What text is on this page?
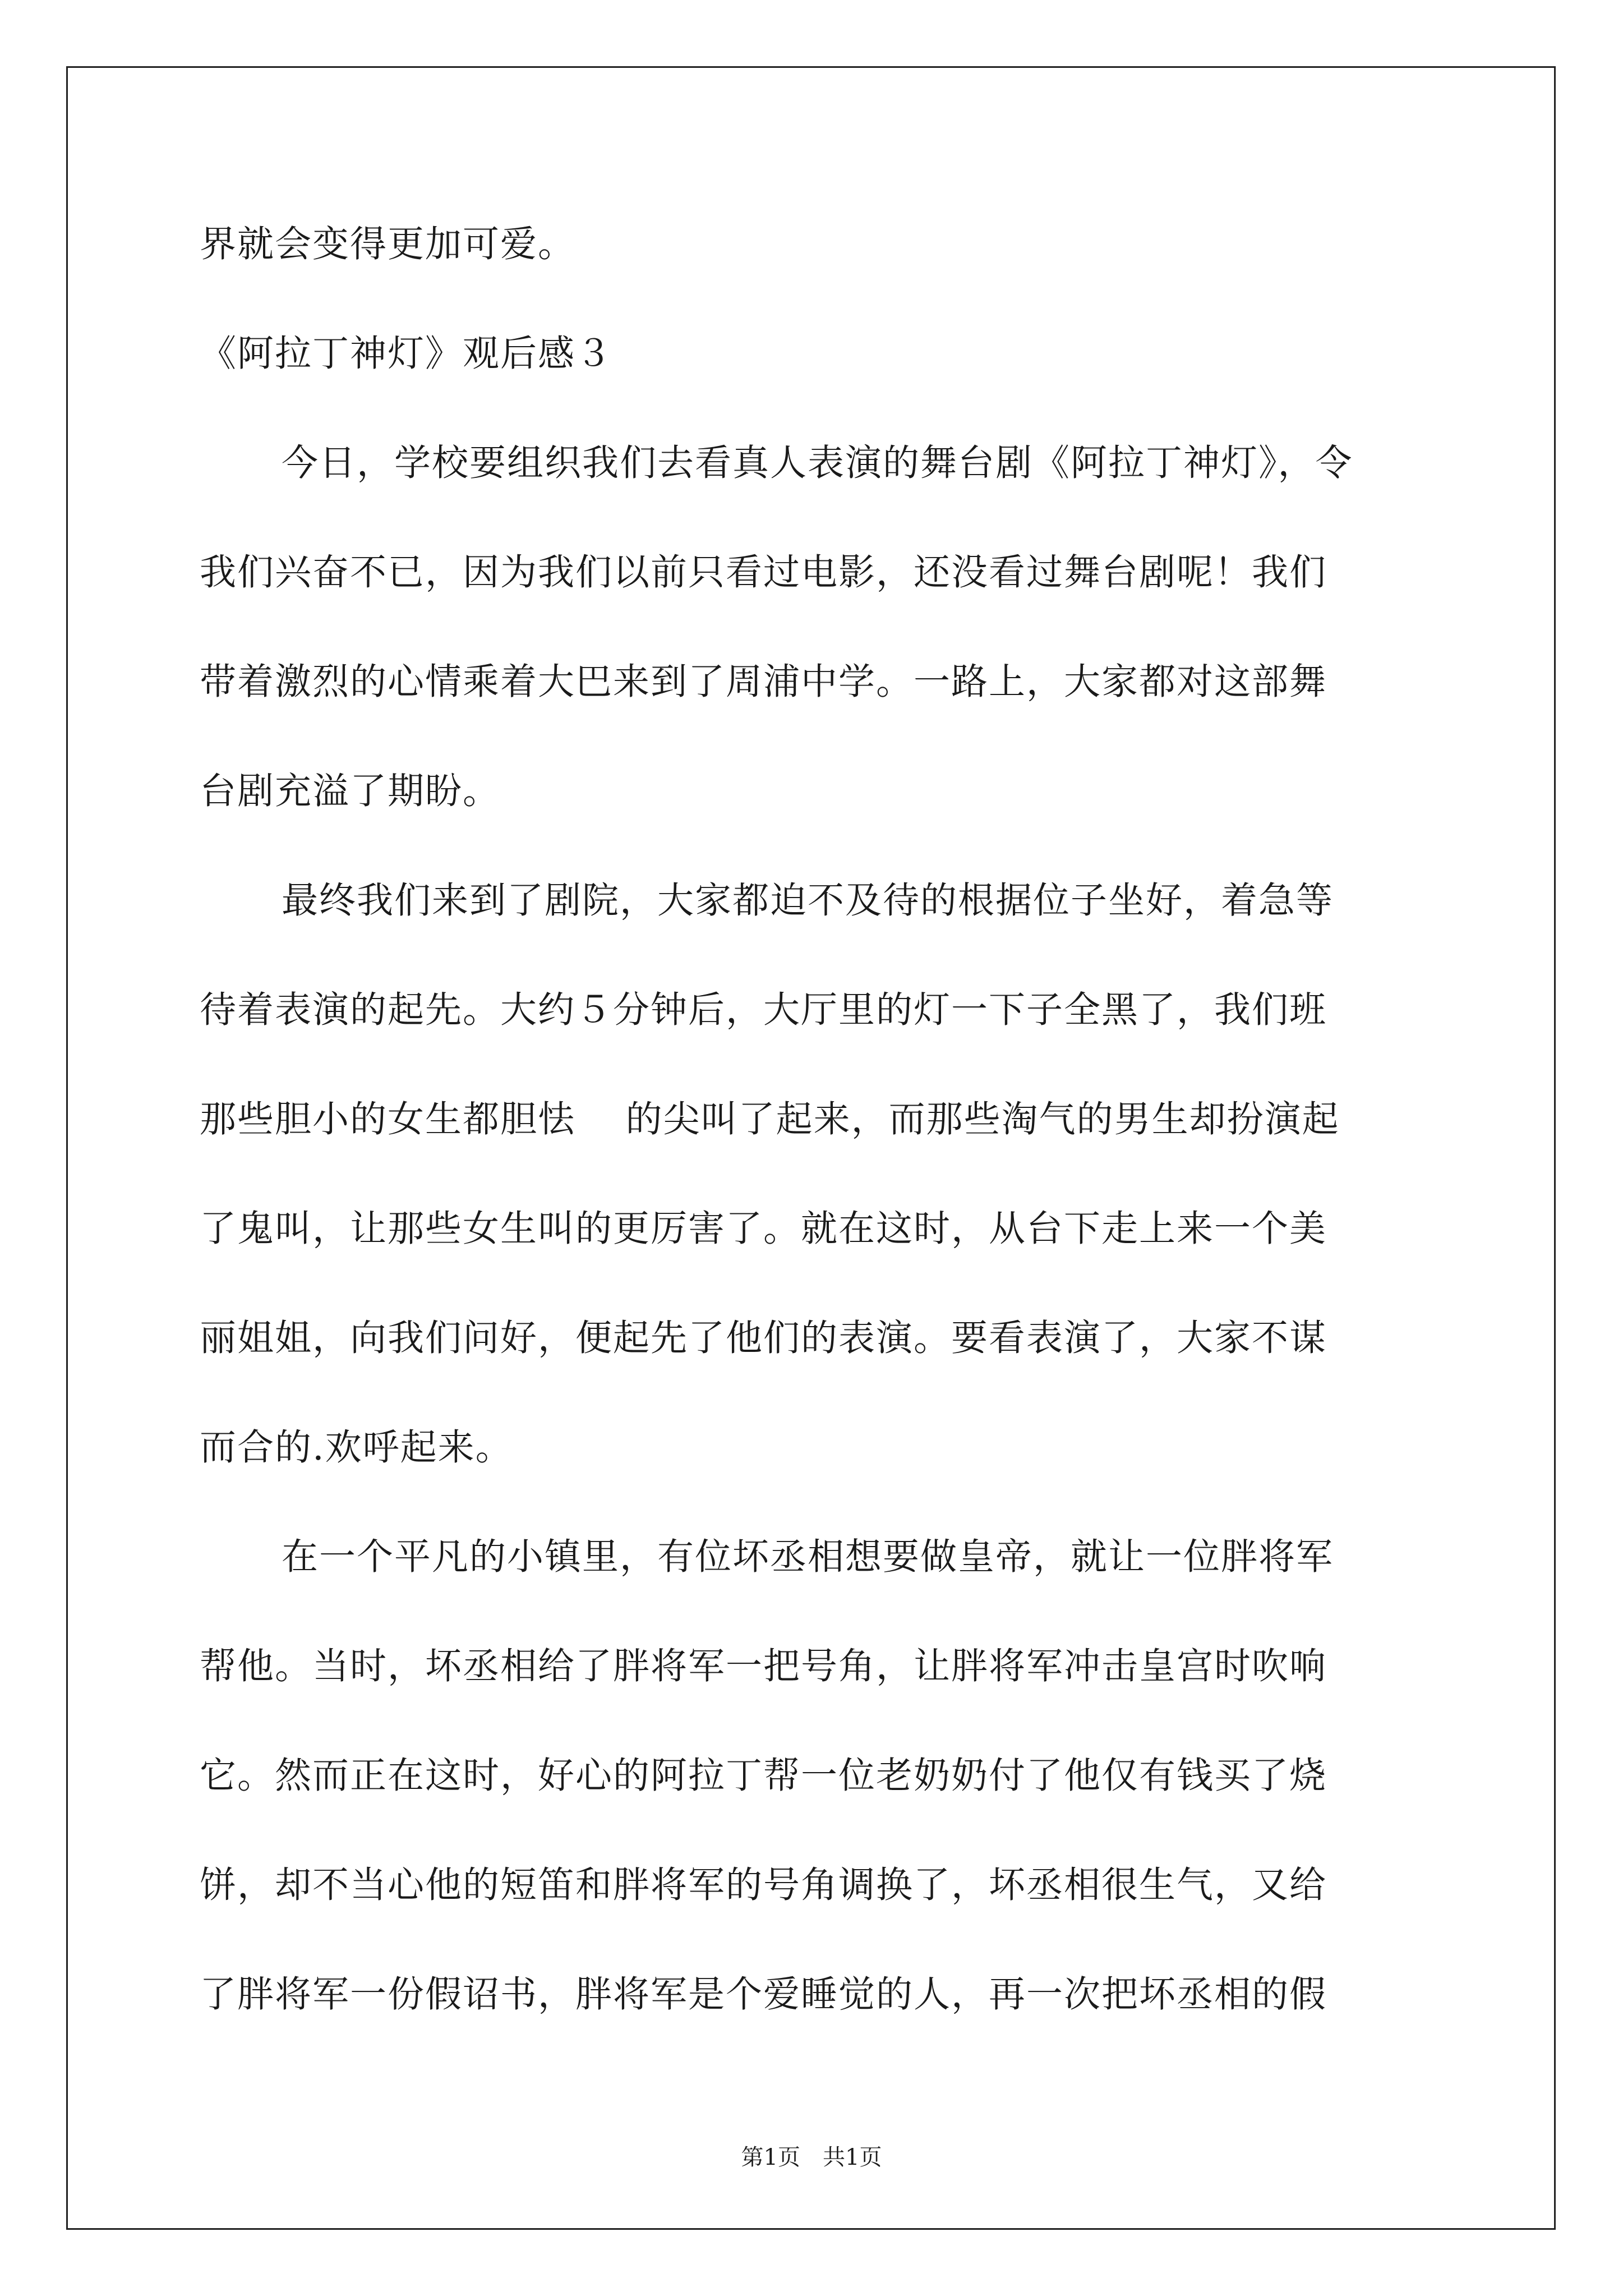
界就会变得更加可爱。

《阿拉丁神灯》观后感３

今日，学校要组织我们去看真人表演的舞台剧《阿拉丁神灯》，令

我们兴奋不已，因为我们以前只看过电影，还没看过舞台剧呢！我们

带着激烈的心情乘着大巴来到了周浦中学。一路上，大家都对这部舞

台剧充溢了期盼。

最终我们来到了剧院，大家都迫不及待的根据位子坐好，着急等

待着表演的起先。大约５分钟后，大厅里的灯一下子全黑了，我们班

那些胆小的女生都胆怯　 的尖叫了起来，而那些淘气的男生却扮演起

了鬼叫，让那些女生叫的更厉害了。就在这时，从台下走上来一个美

丽姐姐，向我们问好，便起先了他们的表演。要看表演了，大家不谋

而合的.欢呼起来。

在一个平凡的小镇里，有位坏丞相想要做皇帝，就让一位胖将军

帮他。当时，坏丞相给了胖将军一把号角，让胖将军冲击皇宫时吹响

它。然而正在这时，好心的阿拉丁帮一位老奶奶付了他仅有钱买了烧

饼，却不当心他的短笛和胖将军的号角调换了，坏丞相很生气，又给

了胖将军一份假诏书，胖将军是个爱睡觉的人，再一次把坏丞相的假

第1页　共1页
